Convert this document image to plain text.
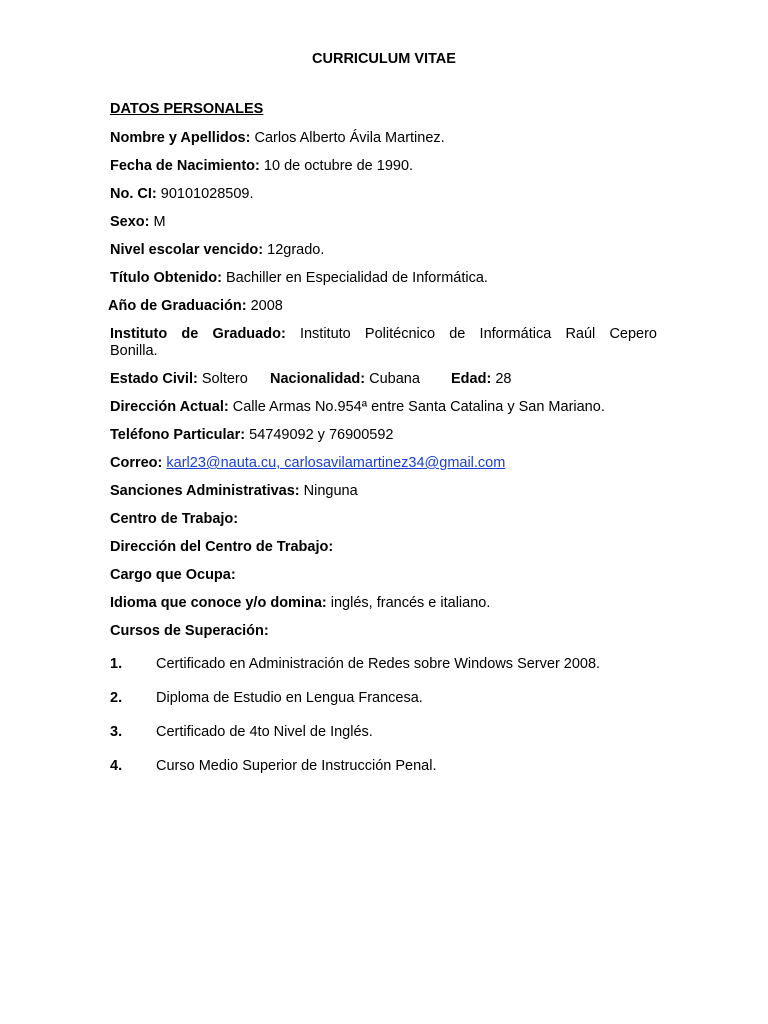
CURRICULUM VITAE
DATOS PERSONALES
Nombre y Apellidos: Carlos Alberto Ávila Martinez.
Fecha de Nacimiento: 10 de octubre de 1990.
No. CI: 90101028509.
Sexo: M
Nivel escolar vencido: 12grado.
Título Obtenido: Bachiller en Especialidad de Informática.
Año de Graduación: 2008
Instituto de Graduado: Instituto Politécnico de Informática Raúl Cepero
Bonilla.
Estado Civil: Soltero Nacionalidad: Cubana Edad: 28
Dirección Actual: Calle Armas No.954ª entre Santa Catalina y San Mariano.
Teléfono Particular: 54749092 y 76900592
Correo: karl23@nauta.cu, carlosavilamartinez34@gmail.com
Sanciones Administrativas: Ninguna
Centro de Trabajo:
Dirección del Centro de Trabajo:
Cargo que Ocupa:
Idioma que conoce y/o domina: inglés, francés e italiano.
Cursos de Superación:
1. Certificado en Administración de Redes sobre Windows Server 2008.
2. Diploma de Estudio en Lengua Francesa.
3. Certificado de 4to Nivel de Inglés.
4. Curso Medio Superior de Instrucción Penal.
